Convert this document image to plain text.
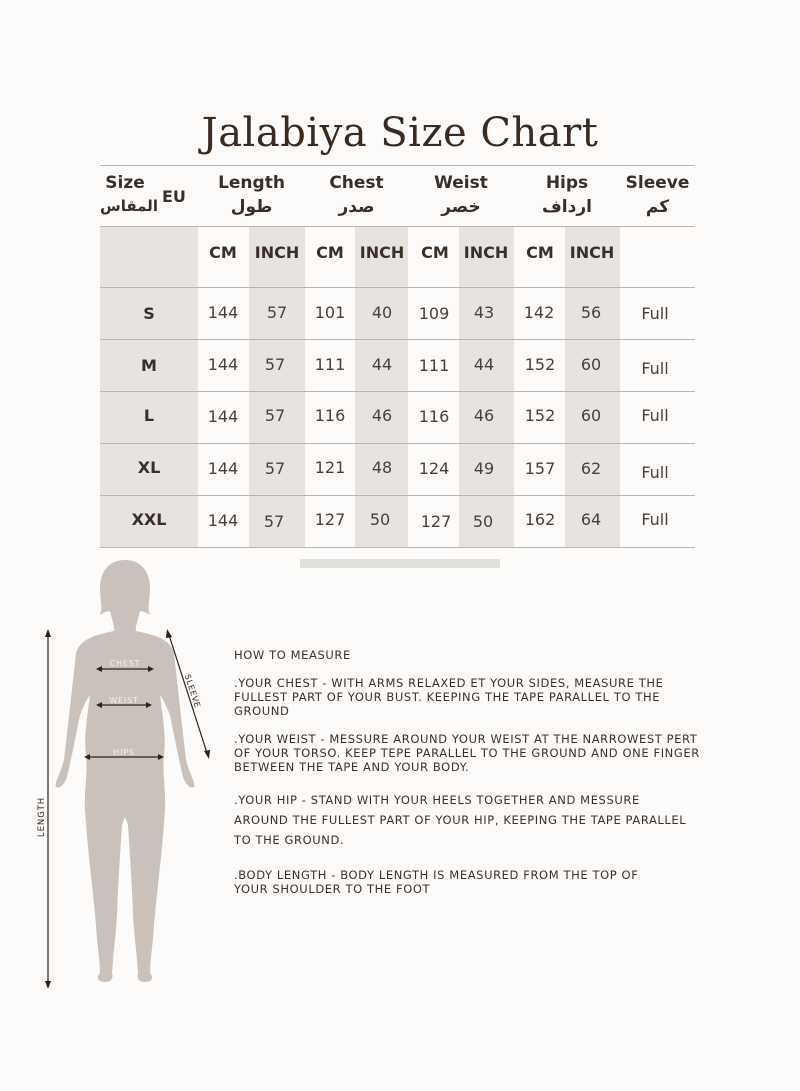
Jalabiya Size Chart
Size
المقاس EU
Length
طول
Chest
صدر
Weist
خصر
Hips
ارداف
Sleeve
كم
CM	INCH	CM INCH	CM INCH	CM INCH
S	144	57	101	40	109	43	142	56	Full
M	144	57	111	44	111	44	152	60	Full
L	144	57	116	46	116	46	152	60	Full
XL	144	57	121	48	124	49	157	62	Full
XXL	144	57	127	50	127	50	162	64	Full
LENGTH
CHEST
WEIST
HIPS
SLEEVE

HOW TO MEASURE

.YOUR CHEST - WITH ARMS RELAXED ET YOUR SIDES, MEASURE THE FULLEST PART OF YOUR BUST. KEEPING THE TAPE PARALLEL TO THE GROUND

.YOUR WEIST - MESSURE AROUND YOUR WEIST AT THE NARROWEST PERT OF YOUR TORSO. KEEP TEPE PARALLEL TO THE GROUND AND ONE FINGER BETWEEN THE TAPE AND YOUR BODY.

.YOUR HIP - STAND WITH YOUR HEELS TOGETHER AND MESSURE AROUND THE FULLEST PART OF YOUR HIP, KEEPING THE TAPE PARALLEL TO THE GROUND.

.BODY LENGTH - BODY LENGTH IS MEASURED FROM THE TOP OF YOUR SHOULDER TO THE FOOT
